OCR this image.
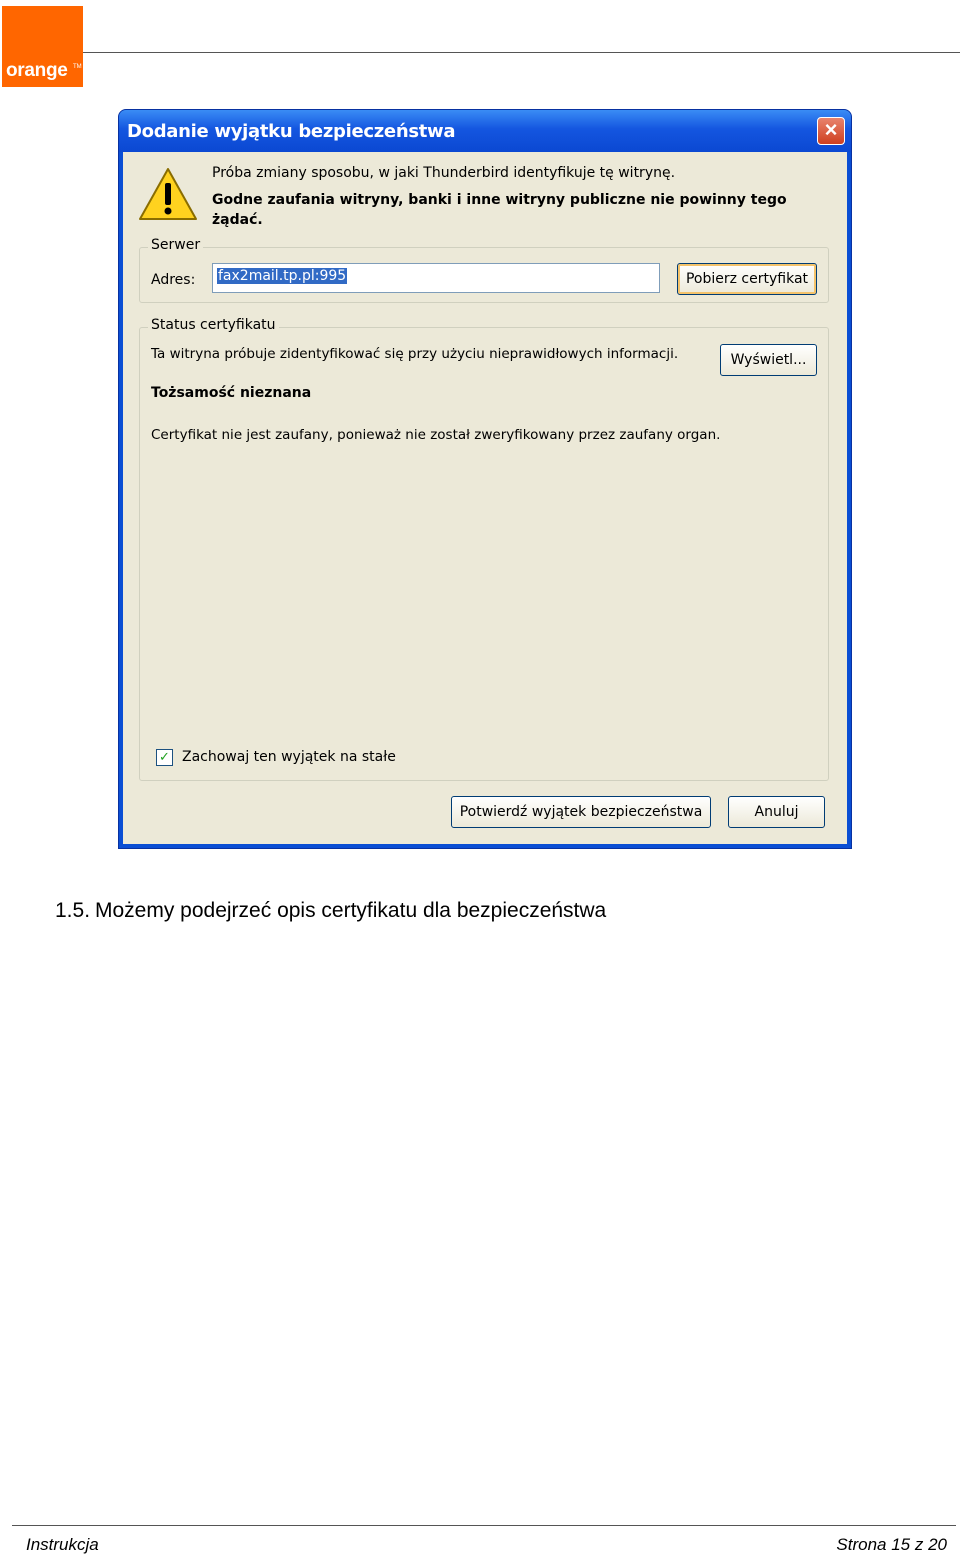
orange TM
Dodanie wyjątku bezpieczeństwa	×
Próba zmiany sposobu, w jaki Thunderbird identyfikuje tę witrynę.
Godne zaufania witryny, banki i inne witryny publiczne nie powinny tego żądać.
Serwer
Adres:	fax2mail.tp.pl:995	Pobierz certyfikat
Status certyfikatu
Ta witryna próbuje zidentyfikować się przy użyciu nieprawidłowych informacji.	Wyświetl...
Tożsamość nieznana
Certyfikat nie jest zaufany, ponieważ nie został zweryfikowany przez zaufany organ.
✓ Zachowaj ten wyjątek na stałe
Potwierdź wyjątek bezpieczeństwa	Anuluj
1.5. Możemy podejrzeć opis certyfikatu dla bezpieczeństwa
Instrukcja	Strona 15 z 20
